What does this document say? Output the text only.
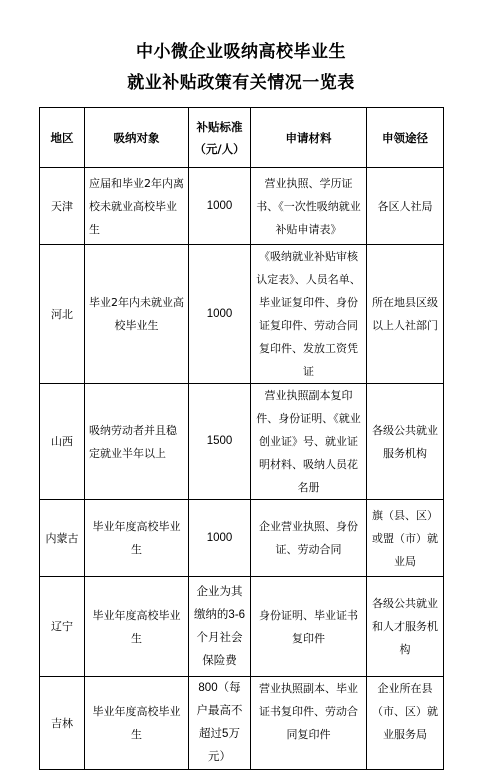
中小微企业吸纳高校毕业生
就业补贴政策有关情况一览表
地区	吸纳对象	补贴标准（元/人）	申请材料	申领途径
天津	应届和毕业2年内离校未就业高校毕业生	1000	营业执照、学历证书、《一次性吸纳就业补贴申请表》	各区人社局
河北	毕业2年内未就业高校毕业生	1000	《吸纳就业补贴审核认定表》、人员名单、毕业证复印件、身份证复印件、劳动合同复印件、发放工资凭证	所在地县区级以上人社部门
山西	吸纳劳动者并且稳定就业半年以上	1500	营业执照副本复印件、身份证明、《就业创业证》号、就业证明材料、吸纳人员花名册	各级公共就业服务机构
内蒙古	毕业年度高校毕业生	1000	企业营业执照、身份证、劳动合同	旗（县、区）或盟（市）就业局
辽宁	毕业年度高校毕业生	企业为其缴纳的3-6个月社会保险费	身份证明、毕业证书复印件	各级公共就业和人才服务机构
吉林	毕业年度高校毕业生	800（每户最高不超过5万元）	营业执照副本、毕业证书复印件、劳动合同复印件	企业所在县（市、区）就业服务局
